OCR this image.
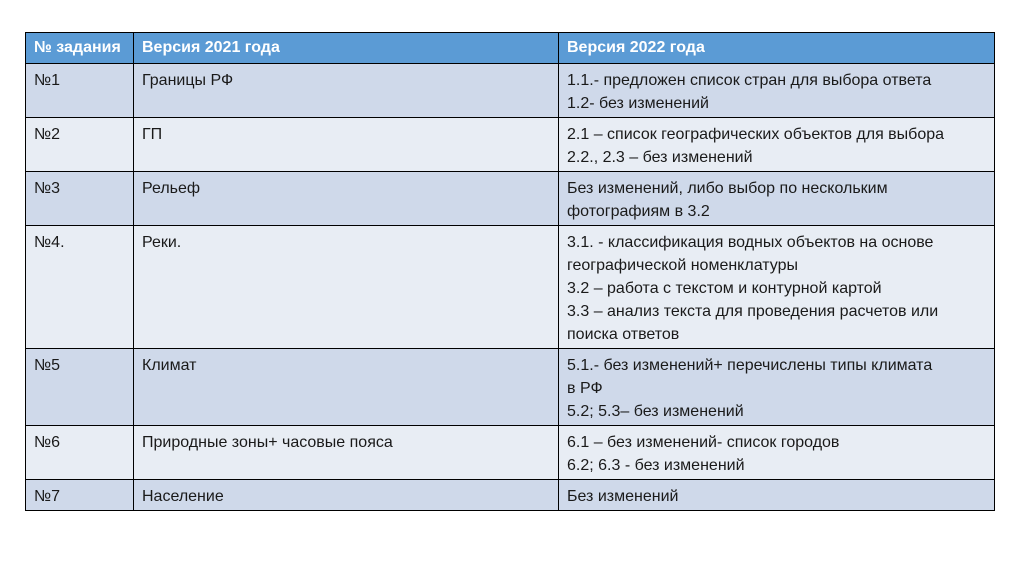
№ задания	Версия 2021 года	Версия 2022 года
№1	Границы РФ	1.1.- предложен список стран для выбора ответа
1.2- без изменений

№2	ГП	2.1 – список географических объектов для выбора
2.2., 2.3 – без изменений

№3	Рельеф	Без изменений, либо выбор по нескольким
фотографиям в 3.2

№4.	Реки.	3.1. - классификация водных объектов на основе
географической номенклатуры
3.2 – работа с текстом и контурной картой
3.3 – анализ текста для проведения расчетов или
поиска ответов

№5	Климат	5.1.- без изменений+ перечислены типы климата
в РФ
5.2; 5.3– без изменений

№6	Природные зоны+ часовые пояса	6.1 – без изменений- список городов
6.2; 6.3 - без изменений

№7	Население	Без изменений
